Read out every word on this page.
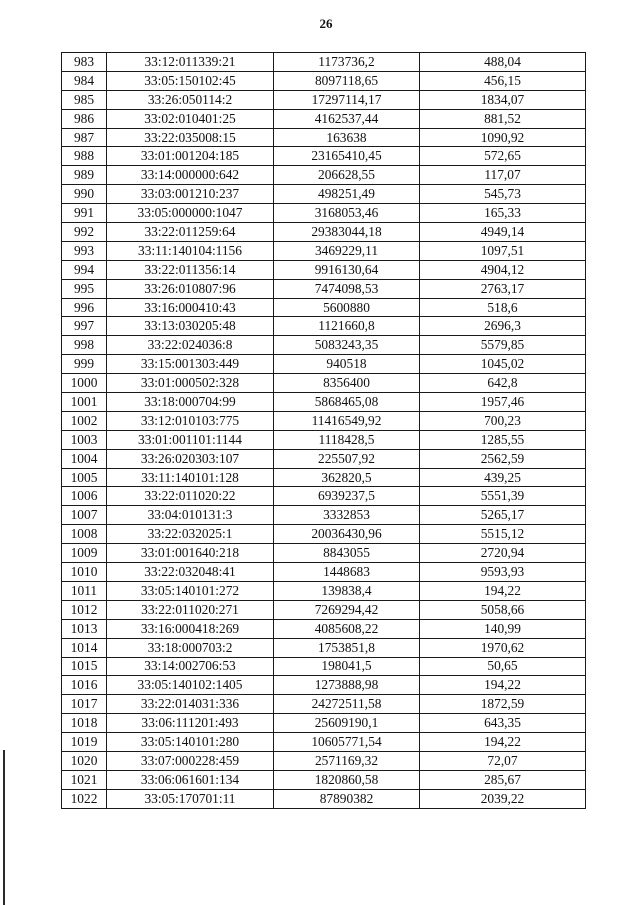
26
983	33:12:011339:21	1173736,2	488,04
984	33:05:150102:45	8097118,65	456,15
985	33:26:050114:2	17297114,17	1834,07
986	33:02:010401:25	4162537,44	881,52
987	33:22:035008:15	163638	1090,92
988	33:01:001204:185	23165410,45	572,65
989	33:14:000000:642	206628,55	117,07
990	33:03:001210:237	498251,49	545,73
991	33:05:000000:1047	3168053,46	165,33
992	33:22:011259:64	29383044,18	4949,14
993	33:11:140104:1156	3469229,11	1097,51
994	33:22:011356:14	9916130,64	4904,12
995	33:26:010807:96	7474098,53	2763,17
996	33:16:000410:43	5600880	518,6
997	33:13:030205:48	1121660,8	2696,3
998	33:22:024036:8	5083243,35	5579,85
999	33:15:001303:449	940518	1045,02
1000	33:01:000502:328	8356400	642,8
1001	33:18:000704:99	5868465,08	1957,46
1002	33:12:010103:775	11416549,92	700,23
1003	33:01:001101:1144	1118428,5	1285,55
1004	33:26:020303:107	225507,92	2562,59
1005	33:11:140101:128	362820,5	439,25
1006	33:22:011020:22	6939237,5	5551,39
1007	33:04:010131:3	3332853	5265,17
1008	33:22:032025:1	20036430,96	5515,12
1009	33:01:001640:218	8843055	2720,94
1010	33:22:032048:41	1448683	9593,93
1011	33:05:140101:272	139838,4	194,22
1012	33:22:011020:271	7269294,42	5058,66
1013	33:16:000418:269	4085608,22	140,99
1014	33:18:000703:2	1753851,8	1970,62
1015	33:14:002706:53	198041,5	50,65
1016	33:05:140102:1405	1273888,98	194,22
1017	33:22:014031:336	24272511,58	1872,59
1018	33:06:111201:493	25609190,1	643,35
1019	33:05:140101:280	10605771,54	194,22
1020	33:07:000228:459	2571169,32	72,07
1021	33:06:061601:134	1820860,58	285,67
1022	33:05:170701:11	87890382	2039,22
